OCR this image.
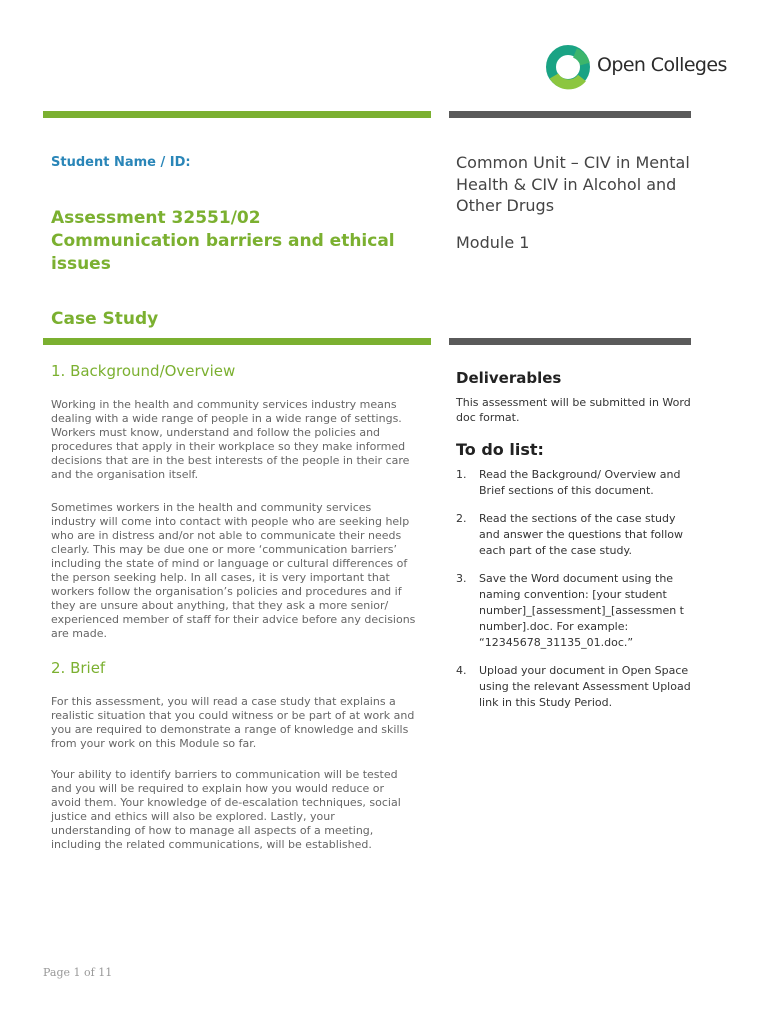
Open Colleges
Student Name / ID:
Assessment 32551/02
Communication barriers and ethical issues
Case Study
Common Unit – CIV in Mental Health & CIV in Alcohol and Other Drugs
Module 1
1. Background/Overview

Working in the health and community services industry means dealing with a wide range of people in a wide range of settings. Workers must know, understand and follow the policies and procedures that apply in their workplace so they make informed decisions that are in the best interests of the people in their care and the organisation itself.

Sometimes workers in the health and community services industry will come into contact with people who are seeking help who are in distress and/or not able to communicate their needs clearly. This may be due one or more ‘communication barriers’ including the state of mind or language or cultural differences of the person seeking help. In all cases, it is very important that workers follow the organisation’s policies and procedures and if they are unsure about anything, that they ask a more senior/ experienced member of staff for their advice before any decisions are made.

2. Brief

For this assessment, you will read a case study that explains a realistic situation that you could witness or be part of at work and you are required to demonstrate a range of knowledge and skills from your work on this Module so far.

Your ability to identify barriers to communication will be tested and you will be required to explain how you would reduce or avoid them. Your knowledge of de-escalation techniques, social justice and ethics will also be explored. Lastly, your understanding of how to manage all aspects of a meeting, including the related communications, will be established.

Deliverables
This assessment will be submitted in Word doc format.
To do list:
1.	Read the Background/ Overview and Brief sections of this document.
2.	Read the sections of the case study and answer the questions that follow each part of the case study.
3.	Save the Word document using the naming convention: [your student number]_[assessment]_[assessmen t number].doc. For example: “12345678_31135_01.doc.”
4.	Upload your document in Open Space using the relevant Assessment Upload link in this Study Period.
Page 1 of 11
